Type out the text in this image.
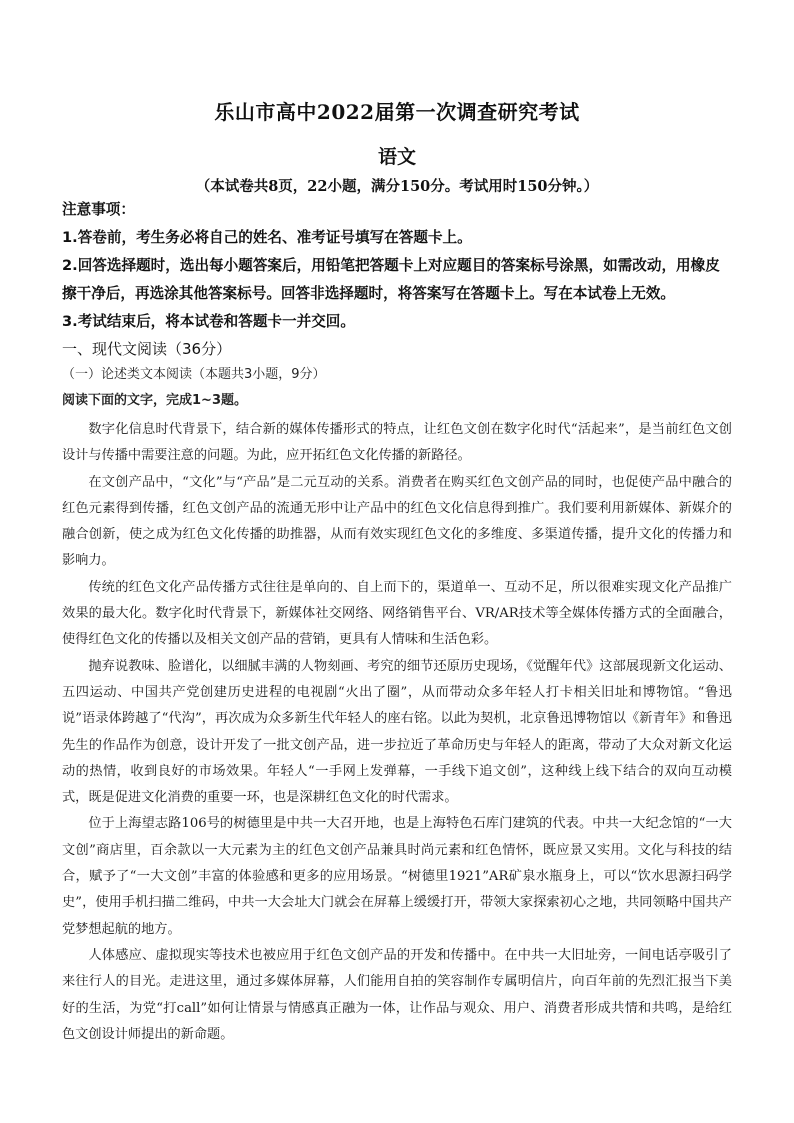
乐山市高中2022届第一次调查研究考试
语文
（本试卷共8页，22小题，满分150分。考试用时150分钟。）
注意事项：
1.答卷前，考生务必将自己的姓名、准考证号填写在答题卡上。
2.回答选择题时，选出每小题答案后，用铅笔把答题卡上对应题目的答案标号涂黑，如需改动，用橡皮擦干净后，再选涂其他答案标号。回答非选择题时，将答案写在答题卡上。写在本试卷上无效。
3.考试结束后，将本试卷和答题卡一并交回。
一、现代文阅读（36分）
（一）论述类文本阅读（本题共3小题，9分）
阅读下面的文字，完成1~3题。

数字化信息时代背景下，结合新的媒体传播形式的特点，让红色文创在数字化时代“活起来”，是当前红色文创设计与传播中需要注意的问题。为此，应开拓红色文化传播的新路径。

在文创产品中，“文化”与“产品”是二元互动的关系。消费者在购买红色文创产品的同时，也促使产品中融合的红色元素得到传播，红色文创产品的流通无形中让产品中的红色文化信息得到推广。我们要利用新媒体、新媒介的融合创新，使之成为红色文化传播的助推器，从而有效实现红色文化的多维度、多渠道传播，提升文化的传播力和影响力。

传统的红色文化产品传播方式往往是单向的、自上而下的，渠道单一、互动不足，所以很难实现文化产品推广效果的最大化。数字化时代背景下，新媒体社交网络、网络销售平台、VR/AR技术等全媒体传播方式的全面融合，使得红色文化的传播以及相关文创产品的营销，更具有人情味和生活色彩。

抛弃说教味、脸谱化，以细腻丰满的人物刻画、考究的细节还原历史现场，《觉醒年代》这部展现新文化运动、五四运动、中国共产党创建历史进程的电视剧“火出了圈”，从而带动众多年轻人打卡相关旧址和博物馆。“鲁迅说”语录体跨越了“代沟”，再次成为众多新生代年轻人的座右铭。以此为契机，北京鲁迅博物馆以《新青年》和鲁迅先生的作品作为创意，设计开发了一批文创产品，进一步拉近了革命历史与年轻人的距离，带动了大众对新文化运动的热情，收到良好的市场效果。年轻人“一手网上发弹幕，一手线下追文创”，这种线上线下结合的双向互动模式，既是促进文化消费的重要一环，也是深耕红色文化的时代需求。

位于上海望志路106号的树德里是中共一大召开地，也是上海特色石库门建筑的代表。中共一大纪念馆的“一大文创”商店里，百余款以一大元素为主的红色文创产品兼具时尚元素和红色情怀，既应景又实用。文化与科技的结合，赋予了“一大文创”丰富的体验感和更多的应用场景。“树德里1921”AR矿泉水瓶身上，可以“饮水思源扫码学史”，使用手机扫描二维码，中共一大会址大门就会在屏幕上缓缓打开，带领大家探索初心之地，共同领略中国共产党梦想起航的地方。

人体感应、虚拟现实等技术也被应用于红色文创产品的开发和传播中。在中共一大旧址旁，一间电话亭吸引了来往行人的目光。走进这里，通过多媒体屏幕，人们能用自拍的笑容制作专属明信片，向百年前的先烈汇报当下美好的生活，为党“打call”如何让情景与情感真正融为一体，让作品与观众、用户、消费者形成共情和共鸣，是给红色文创设计师提出的新命题。
